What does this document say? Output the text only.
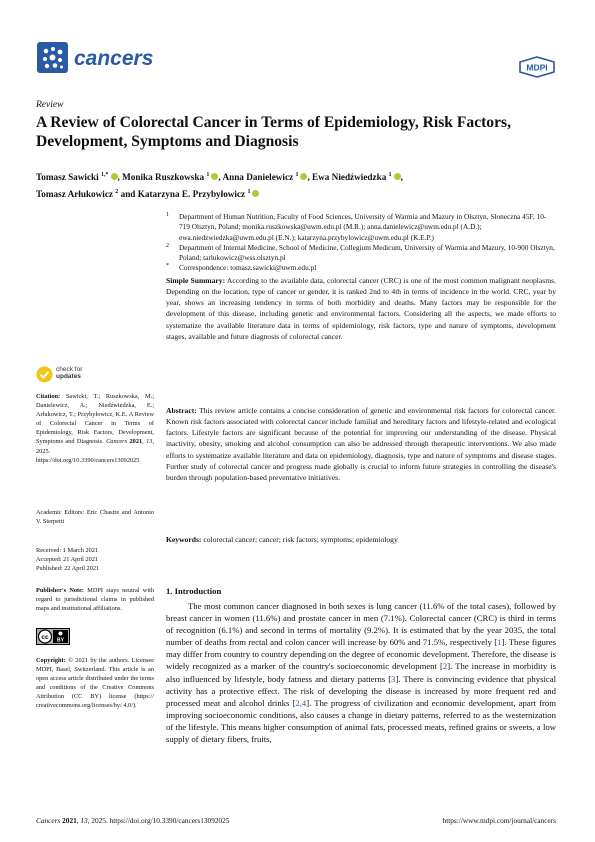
cancers	MDPI
Review
A Review of Colorectal Cancer in Terms of Epidemiology, Risk Factors, Development, Symptoms and Diagnosis
Tomasz Sawicki $^{1,*}$ , Monika Ruszkowska $^1$ , Anna Danielewicz $^1$ , Ewa Niedźwiedzka $^1$ ,
Tomasz Arłukowicz $^2$ and Katarzyna E. Przybyłowicz $^1$
1 Department of Human Nutrition, Faculty of Food Sciences, University of Warmia and Mazury in Olsztyn, Słoneczna 45F, 10-719 Olsztyn, Poland; monika.ruszkowska@uwm.edu.pl (M.R.); anna.danielewicz@uwm.edu.pl (A.D.); ewa.niedzwiedzka@uwm.edu.pl (E.N.); katarzyna.przybylowicz@uwm.edu.pl (K.E.P.)
2 Department of Internal Medicine, School of Medicine, Collegium Medicum, University of Warmia and Mazury, 10-900 Olsztyn, Poland; tarlukowicz@wss.olsztyn.pl
* Correspondence: tomasz.sawicki@uwm.edu.pl
Simple Summary: According to the available data, colorectal cancer (CRC) is one of the most common malignant neoplasms. Depending on the location, type of cancer or gender, it is ranked 2nd to 4th in terms of incidence in the world. CRC, year by year, shows an increasing tendency in terms of both morbidity and deaths. Many factors may be responsible for the development of this disease, including genetic and environmental factors. Considering all the aspects, we made efforts to systematize the available literature data in terms of epidemiology, risk factors, type and nature of symptoms, development stages, available and future diagnosis of colorectal cancer.
Abstract: This review article contains a concise consideration of genetic and environmental risk factors for colorectal cancer. Known risk factors associated with colorectal cancer include familial and hereditary factors and lifestyle-related and ecological factors. Lifestyle factors are significant because of the potential for improving our understanding of the disease. Physical inactivity, obesity, smoking and alcohol consumption can also be addressed through therapeutic interventions. We also made efforts to systematize available literature and data on epidemiology, diagnosis, type and nature of symptoms and disease stages. Further study of colorectal cancer and progress made globally is crucial to inform future strategies in controlling the disease's burden through population-based preventative initiatives.
Keywords: colorectal cancer; cancer; risk factors; symptoms; epidemiology
1. Introduction

The most common cancer diagnosed in both sexes is lung cancer (11.6% of the total cases), followed by breast cancer in women (11.6%) and prostate cancer in men (7.1%). Colorectal cancer (CRC) is third in terms of recognition (6.1%) and second in terms of mortality (9.2%). It is estimated that by the year 2035, the total number of deaths from rectal and colon cancer will increase by 60% and 71.5%, respectively [1]. These figures may differ from country to country depending on the degree of economic development. Therefore, the disease is widely recognized as a marker of the country's socioeconomic development [2]. The increase in morbidity is also influenced by lifestyle, body fatness and dietary patterns [3]. There is convincing evidence that physical activity has a protective effect. The risk of developing the disease is increased by more frequent red and processed meat and alcohol drinks [2,4]. The progress of civilization and economic development, apart from improving socioeconomic conditions, also causes a change in dietary patterns, referred to as the westernization of the lifestyle. This means higher consumption of animal fats, processed meats, refined grains or sweets, a low supply of dietary fibers, fruits,

check for
updates
Citation: Sawicki, T.; Ruszkowska, M.; Danielewicz, A.; Niedźwiedzka, E.; Arłukowicz, T.; Przybyłowicz, K.E. A Review of Colorectal Cancer in Terms of Epidemiology, Risk Factors, Development, Symptoms and Diagnosis. Cancers 2021, 13, 2025. https://doi.org/10.3390/cancers13092025
Academic Editors: Eric Chastre and Antonio V. Sterpetti
Received: 1 March 2021
Accepted: 21 April 2021
Published: 22 April 2021
Publisher's Note: MDPI stays neutral with regard to jurisdictional claims in published maps and institutional affiliations.
cc BY
Copyright: © 2021 by the authors. Licensee MDPI, Basel, Switzerland. This article is an open access article distributed under the terms and conditions of the Creative Commons Attribution (CC BY) license (https:// creativecommons.org/licenses/by/ 4.0/).
Cancers 2021, 13, 2025. https://doi.org/10.3390/cancers13092025	https://www.mdpi.com/journal/cancers
